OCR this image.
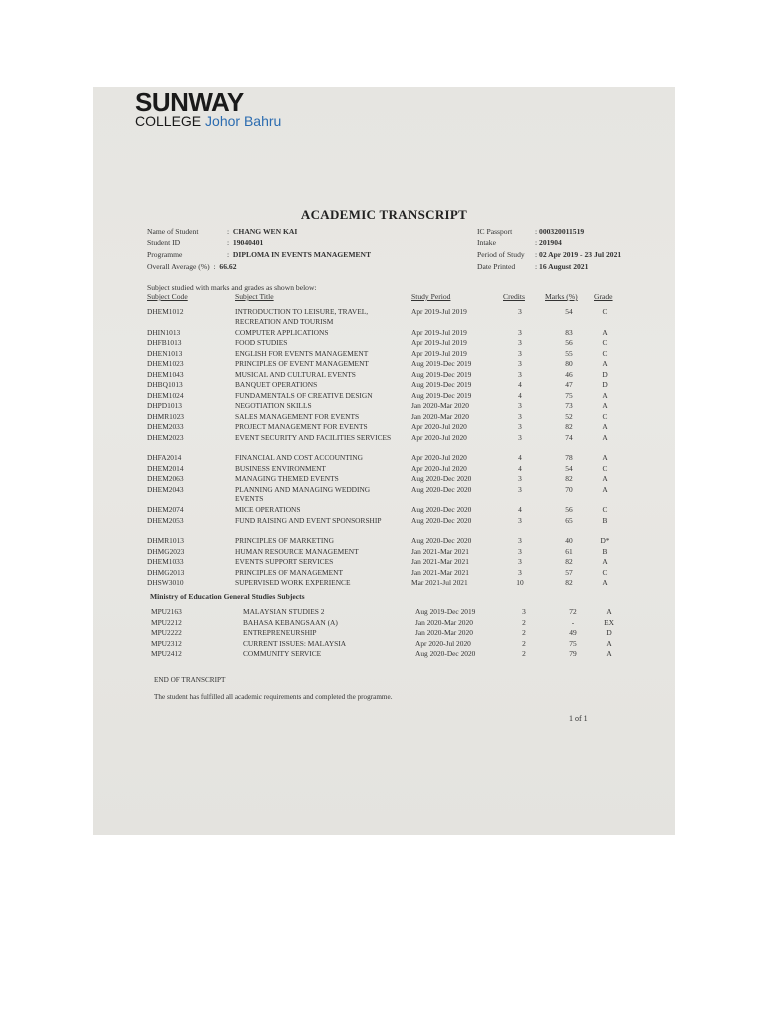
SUNWAY
COLLEGE Johor Bahru
ACADEMIC TRANSCRIPT
Name of Student	: CHANG WEN KAI
Student ID	: 19040401
Programme	: DIPLOMA IN EVENTS MANAGEMENT
Overall Average (%) : 66.62
IC Passport	: 000320011519
Intake	: 201904
Period of Study : 02 Apr 2019 - 23 Jul 2021
Date Printed	: 16 August 2021
Subject studied with marks and grades as shown below:
Subject Code	Subject Title	Study Period	Credits	Marks (%) Grade
DHEM1012	INTRODUCTION TO LEISURE, TRAVEL, RECREATION AND TOURISM
Apr 2019-Jul 2019	3	54	C
DHIN1013	COMPUTER APPLICATIONS	Apr 2019-Jul 2019	3	83	A
DHFB1013	FOOD STUDIES	Apr 2019-Jul 2019	3	56	C
DHEN1013	ENGLISH FOR EVENTS MANAGEMENT	Apr 2019-Jul 2019	3	55	C
DHEM1023	PRINCIPLES OF EVENT MANAGEMENT	Aug 2019-Dec 2019	3	80	A
DHEM1043	MUSICAL AND CULTURAL EVENTS	Aug 2019-Dec 2019	3	46	D
DHBQ1013	BANQUET OPERATIONS	Aug 2019-Dec 2019	4	47	D
DHEM1024	FUNDAMENTALS OF CREATIVE DESIGN	Aug 2019-Dec 2019	4	75	A
DHPD1013	NEGOTIATION SKILLS	Jan 2020-Mar 2020	3	73	A
DHMR1023	SALES MANAGEMENT FOR EVENTS	Jan 2020-Mar 2020	3	52	C
DHEM2033	PROJECT MANAGEMENT FOR EVENTS	Apr 2020-Jul 2020	3	82	A
DHEM2023	EVENT SECURITY AND FACILITIES SERVICES	Apr 2020-Jul 2020	3	74	A
DHFA2014	FINANCIAL AND COST ACCOUNTING	Apr 2020-Jul 2020	4	78	A
DHEM2014	BUSINESS ENVIRONMENT	Apr 2020-Jul 2020	4	54	C
DHEM2063	MANAGING THEMED EVENTS	Aug 2020-Dec 2020	3	82	A
DHEM2043	PLANNING AND MANAGING WEDDING EVENTS
Aug 2020-Dec 2020	3	70	A
DHEM2074	MICE OPERATIONS	Aug 2020-Dec 2020	4	56	C
DHEM2053	FUND RAISING AND EVENT SPONSORSHIP	Aug 2020-Dec 2020	3	65	B
DHMR1013	PRINCIPLES OF MARKETING	Aug 2020-Dec 2020	3	40	D*
DHMG2023	HUMAN RESOURCE MANAGEMENT	Jan 2021-Mar 2021	3	61	B
DHEM1033	EVENTS SUPPORT SERVICES	Jan 2021-Mar 2021	3	82	A
DHMG2013	PRINCIPLES OF MANAGEMENT	Jan 2021-Mar 2021	3	57	C
DHSW3010	SUPERVISED WORK EXPERIENCE	Mar 2021-Jul 2021	10	82	A
Ministry of Education General Studies Subjects
MPU2163	MALAYSIAN STUDIES 2	Aug 2019-Dec 2019	3	72	A
MPU2212	BAHASA KEBANGSAAN (A)	Jan 2020-Mar 2020	2	-	EX
MPU2222	ENTREPRENEURSHIP	Jan 2020-Mar 2020	2	49	D
MPU2312	CURRENT ISSUES: MALAYSIA	Apr 2020-Jul 2020	2	75	A
MPU2412	COMMUNITY SERVICE	Aug 2020-Dec 2020	2	79	A
END OF TRANSCRIPT
The student has fulfilled all academic requirements and completed the programme.
1 of 1
